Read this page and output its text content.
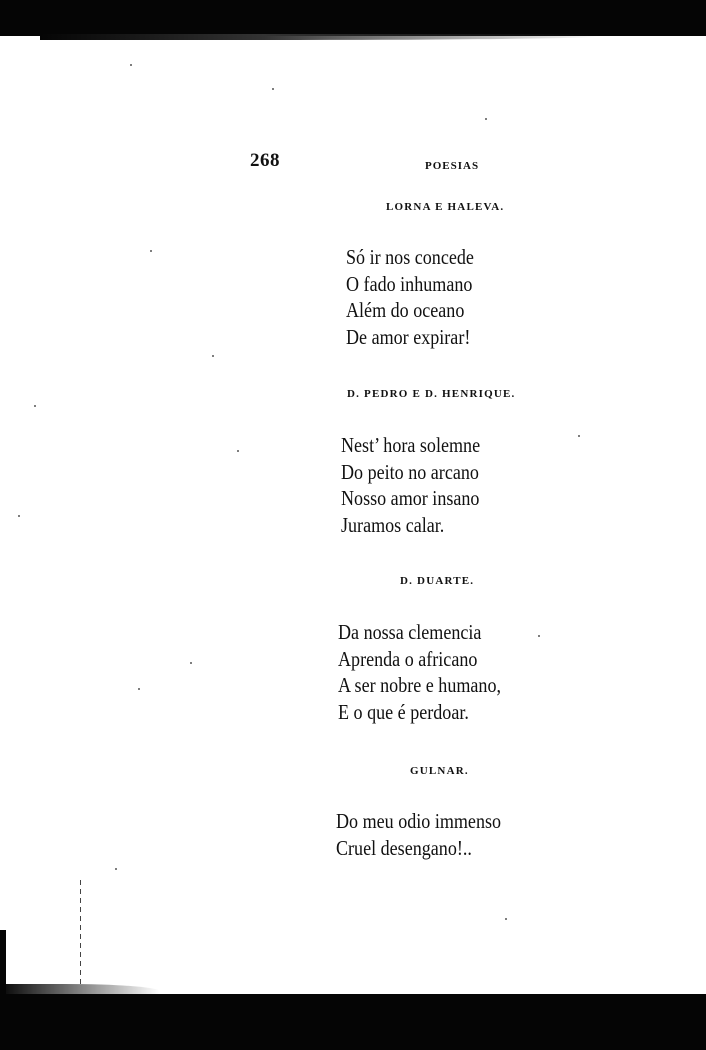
268	POESIAS
LORNA E HALEVA.
Só ir nos concede
O fado inhumano
Além do oceano
De amor expirar!
D. PEDRO E D. HENRIQUE.
Nest’ hora solemne
Do peito no arcano
Nosso amor insano
Juramos calar.
D. DUARTE.
Da nossa clemencia
Aprenda o africano
A ser nobre e humano,
E o que é perdoar.
GULNAR.
Do meu odio immenso
Cruel desengano!..
